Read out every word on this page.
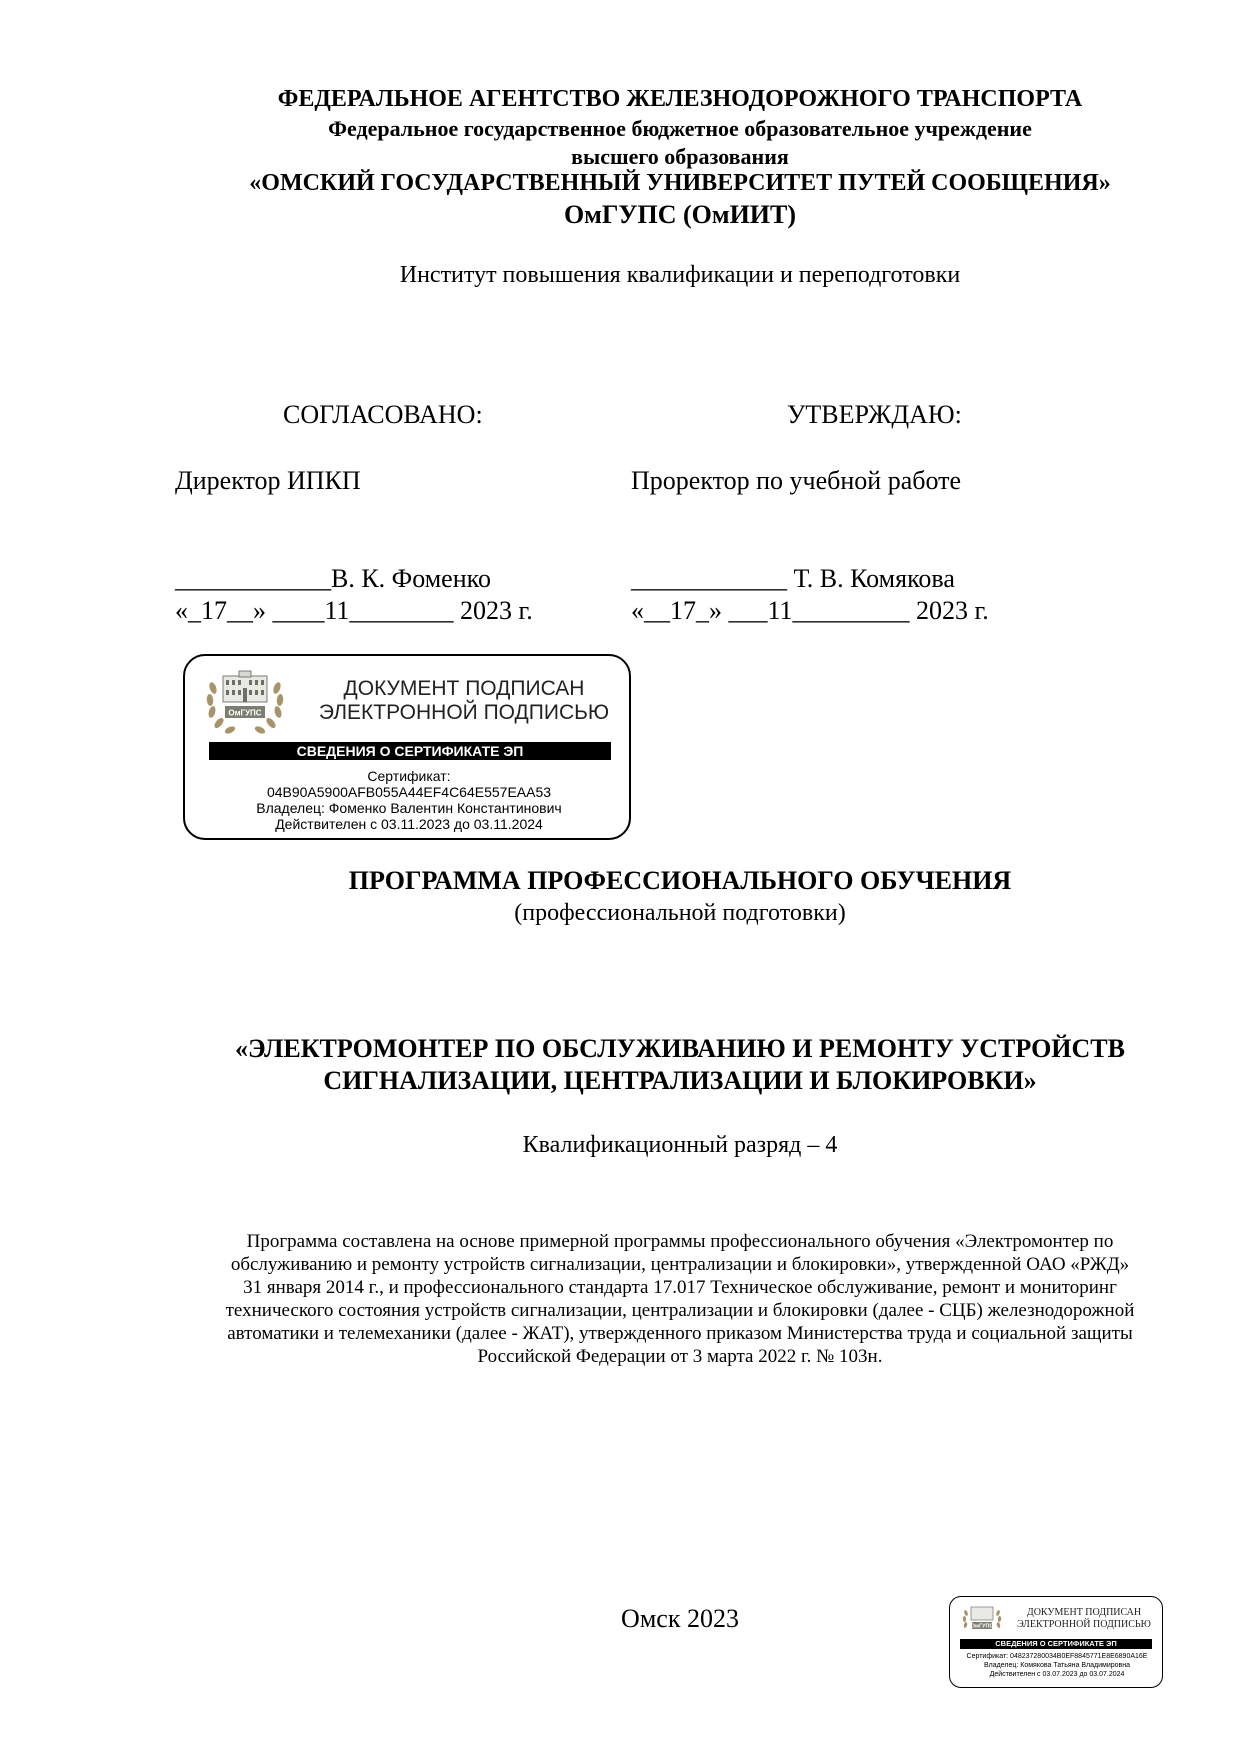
ФЕДЕРАЛЬНОЕ АГЕНТСТВО ЖЕЛЕЗНОДОРОЖНОГО ТРАНСПОРТА
Федеральное государственное бюджетное образовательное учреждение
высшего образования
«ОМСКИЙ ГОСУДАРСТВЕННЫЙ УНИВЕРСИТЕТ ПУТЕЙ СООБЩЕНИЯ»
ОмГУПС (ОмИИТ)
Институт повышения квалификации и переподготовки
СОГЛАСОВАНО:	УТВЕРЖДАЮ:
Директор ИПКП	Проректор по учебной работе
____________В. К. Фоменко	____________ Т. В. Комякова
«_17__» ____11________ 2023 г.	«__17_» ___11_________ 2023 г.
ОмГУПС
ДОКУМЕНТ ПОДПИСАН
ЭЛЕКТРОННОЙ ПОДПИСЬЮ
СВЕДЕНИЯ О СЕРТИФИКАТЕ ЭП
Сертификат:
04B90A5900AFB055A44EF4C64E557EAA53
Владелец: Фоменко Валентин Константинович
Действителен с 03.11.2023 до 03.11.2024
ПРОГРАММА ПРОФЕССИОНАЛЬНОГО ОБУЧЕНИЯ
(профессиональной подготовки)
«ЭЛЕКТРОМОНТЕР ПО ОБСЛУЖИВАНИЮ И РЕМОНТУ УСТРОЙСТВ
СИГНАЛИЗАЦИИ, ЦЕНТРАЛИЗАЦИИ И БЛОКИРОВКИ»
Квалификационный разряд – 4
Программа составлена на основе примерной программы профессионального обучения «Электромонтер по
обслуживанию и ремонту устройств сигнализации, централизации и блокировки», утвержденной ОАО «РЖД»
31 января 2014 г., и профессионального стандарта 17.017 Техническое обслуживание, ремонт и мониторинг
технического состояния устройств сигнализации, централизации и блокировки (далее - СЦБ) железнодорожной
автоматики и телемеханики (далее - ЖАТ), утвержденного приказом Министерства труда и социальной защиты
Российской Федерации от 3 марта 2022 г. № 103н.
Омск 2023	ОмГУПС
ДОКУМЕНТ ПОДПИСАН
ЭЛЕКТРОННОЙ ПОДПИСЬЮ
СВЕДЕНИЯ О СЕРТИФИКАТЕ ЭП
Сертификат: 048237280034B0EF8845771E8E6890A16E
Владелец: Комякова Татьяна Владимировна
Действителен с 03.07.2023 до 03.07.2024
